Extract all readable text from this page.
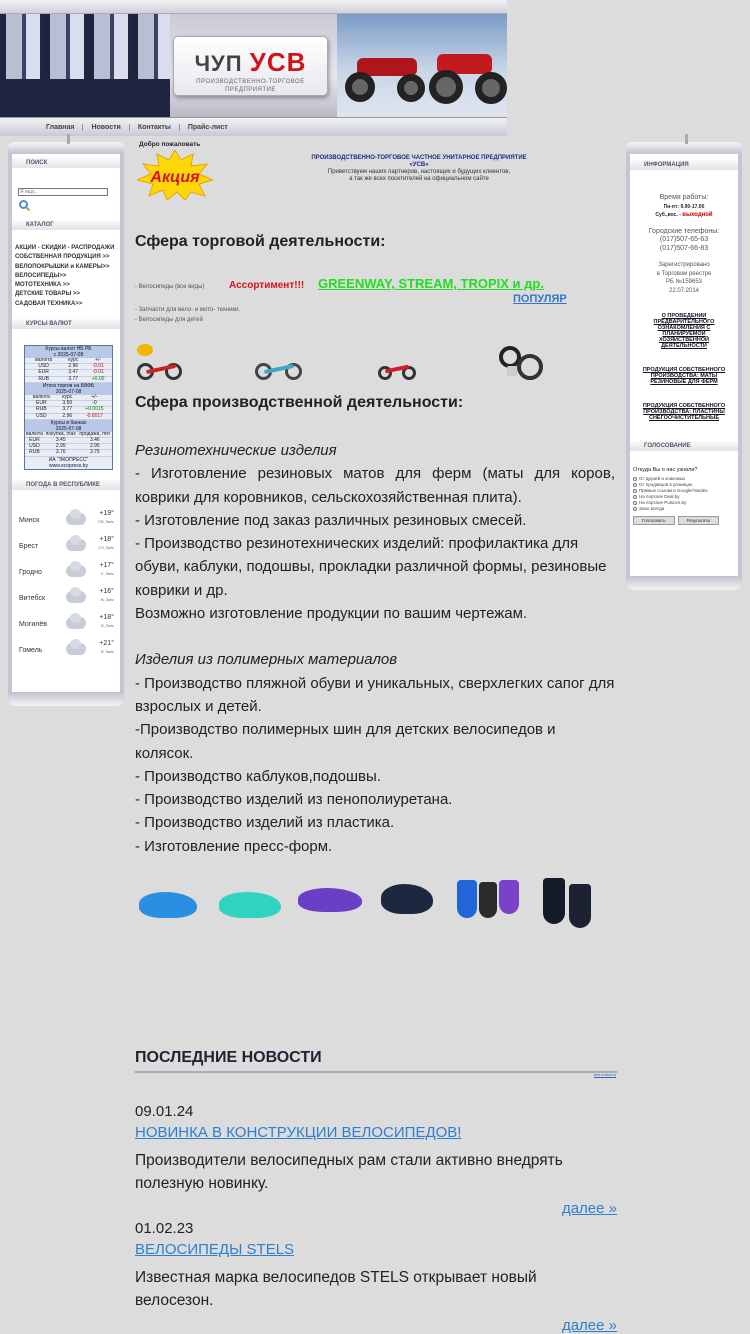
ЧУП УСВ
ПРОИЗВОДСТВЕННО-ТОРГОВОЕ
ПРЕДПРИЯТИЕ
Главная	Новости	Контакты	Прайс-лист
ПОИСК
Я ищу...
КАТАЛОГ
АКЦИИ - СКИДКИ - РАСПРОДАЖИ
СОБСТВЕННАЯ ПРОДУКЦИЯ >>
ВЕЛОПОКРЫШКИ и КАМЕРЫ>>
ВЕЛОСИПЕДЫ>>
МОТОТЕХНИКА >>
ДЕТСКИЕ ТОВАРЫ >>
САДОВАЯ ТЕХНИКА>>
КУРСЫ ВАЛЮТ
Курсы валют НБ РБ
с 2025-07-08
валюта	курс	+/-
USD	2.96	-0.01
EUR	3.47	-0.01
RUB	3.77	+0.00
Итоги торгов на БВФБ
2025-07-08
валюта	курс	+/-
EUR	3.50	-0
RUB	3.77	+0.0015
USD	2.96	-0.0017
Курсы в банках
2025-07-08
валюта	покупка, max	продажа, min
EUR	3.45	3.46
USD	2.95	2.95
RUB	3.76	3.76
ИА "ЭКОПРЕСС"
www.ecopress.by
ПОГОДА В РЕСПУБЛИКЕ
Минск
+19°
СВ, 3м/с
Брест
+18°
СЗ, 2м/с
Гродно
+17°
С, 3м/с
Витебск
+16°
В, 2м/с
Могилёв
+18°
В, 2м/с
Гомель
+21°
В, 3м/с
ИНФОРМАЦИЯ
Время работы:
Пн-пт: 9.00-17.00
Суб.,вос. - выходной
Городские телефоны:
(017)507-65-63
(017)507-66-83
Зарегистрировано
в Торговом реестре
РБ №159653
22.07.2014
О ПРОВЕДЕНИИ ПРЕДВАРИТЕЛЬНОГО ОЗНАКОМЛЕНИЯ С ПЛАНИРУЕМОЙ ХОЗЯЙСТВЕННОЙ ДЕЯТЕЛЬНОСТИ
ПРОДУКЦИЯ СОБСТВЕННОГО ПРОИЗВОДСТВА: МАТЫ РЕЗИНОВЫЕ ДЛЯ ФЕРМ
ПРОДУКЦИЯ СОБСТВЕННОГО ПРОИЗВОДСТВА: ПЛАСТИНЫ СНЕГООЧИСТИТЕЛЬНЫЕ
ГОЛОСОВАНИЕ
Откуда Вы о нас узнали?
От друзей и знакомых
От продавцов в розницах
Прямые ссылки в Google/Yandex
На портале Deal.by
На портале Pulscen.by
Знал всегда
Голосовать	Результаты
Добро пожаловать
Акция
ПРОИЗВОДСТВЕННО-ТОРГОВОЕ ЧАСТНОЕ УНИТАРНОЕ ПРЕДПРИЯТИЕ
«УСВ»
Приветствуем наших партнеров, настоящих и будущих клиентов,
а так же всех посетителей на официальном сайте
Сфера торговой деятельности:
- Велосипеды (все виды) Ассортимент!!! GREENWAY, STREAM, TROPIX и др.
ПОПУЛЯР
- Запчасти для вело- и мото- техники.
- Велосипеды для детей
Сфера производственной деятельности:
Резинотехнические изделия
- Изготовление резиновых матов для ферм (маты для коров, коврики для коровников, сельскохозяйственная плита).
- Изготовление под заказ различных резиновых смесей.
- Производство резинотехнических изделий: профилактика для обуви, каблуки, подошвы, прокладки различной формы, резиновые коврики и др.
Возможно изготовление продукции по вашим чертежам.
Изделия из полимерных материалов
- Производство пляжной обуви и уникальных, сверхлегких сапог для взрослых и детей.
-Производство полимерных шин для детских велосипедов и колясок.
- Производство каблуков,подошвы.
- Производство изделий из пенополиуретана.
- Производство изделий из пластика.
- Изготовление пресс-форм.
ПОСЛЕДНИЕ НОВОСТИ
все новости
09.01.24
НОВИНКА В КОНСТРУКЦИИ ВЕЛОСИПЕДОВ!
Производители велосипедных рам стали активно внедрять полезную новинку.
далее »
01.02.23
ВЕЛОСИПЕДЫ STELS
Известная марка велосипедов STELS открывает новый велосезон.
далее »
